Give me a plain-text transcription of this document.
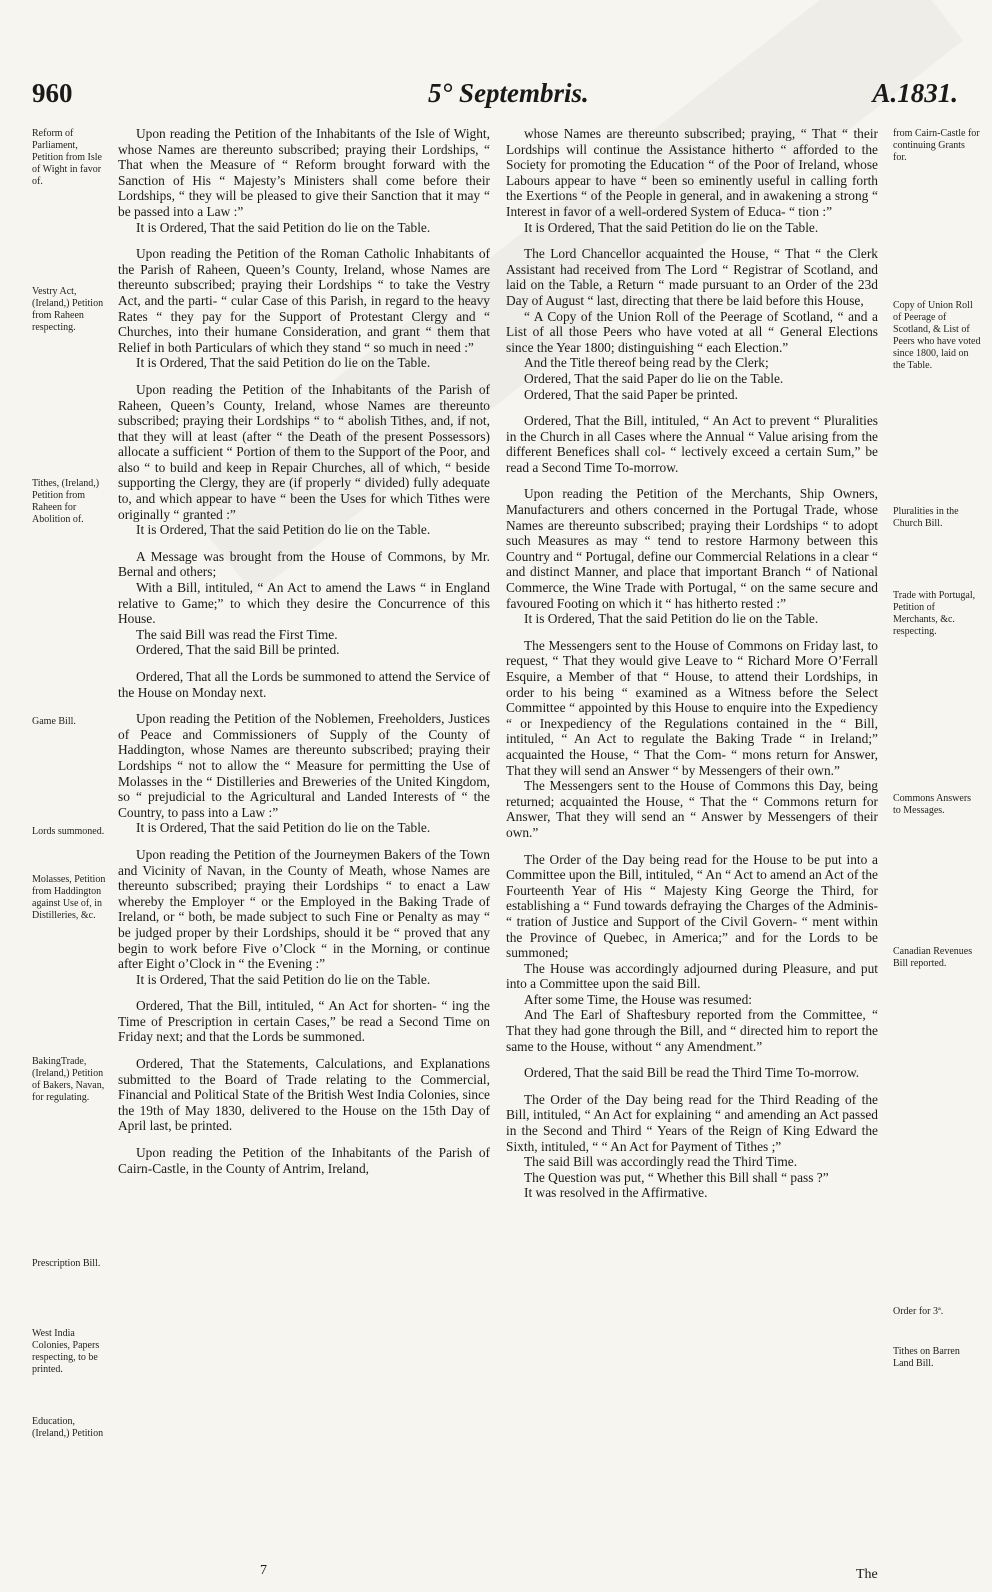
960	5° Septembris.	A.1831.
Reform of Parliament, Petition from Isle of Wight in favor of.
Vestry Act, (Ireland,) Petition from Raheen respecting.
Tithes, (Ireland,) Petition from Raheen for Abolition of.
Game Bill.
Lords summoned.
Molasses, Petition from Haddington against Use of, in Distilleries, &c.
BakingTrade, (Ireland,) Petition of Bakers, Navan, for regulating.
Prescription Bill.
West India Colonies, Papers respecting, to be printed.
Education, (Ireland,) Petition
from Cairn-Castle for continuing Grants for.
Copy of Union Roll of Peerage of Scotland, & List of Peers who have voted since 1800, laid on the Table.
Pluralities in the Church Bill.
Trade with Portugal, Petition of Merchants, &c. respecting.
Commons Answers to Messages.
Canadian Revenues Bill reported.
Order for 3ª.
Tithes on Barren Land Bill.

Upon reading the Petition of the Inhabitants of the Isle of Wight, whose Names are thereunto subscribed; praying their Lordships, “ That when the Measure of “ Reform brought forward with the Sanction of His “ Majesty’s Ministers shall come before their Lordships, “ they will be pleased to give their Sanction that it may “ be passed into a Law :”

It is Ordered, That the said Petition do lie on the Table.

Upon reading the Petition of the Roman Catholic Inhabitants of the Parish of Raheen, Queen’s County, Ireland, whose Names are thereunto subscribed; praying their Lordships “ to take the Vestry Act, and the parti- “ cular Case of this Parish, in regard to the heavy Rates “ they pay for the Support of Protestant Clergy and “ Churches, into their humane Consideration, and grant “ them that Relief in both Particulars of which they stand “ so much in need :”

It is Ordered, That the said Petition do lie on the Table.

Upon reading the Petition of the Inhabitants of the Parish of Raheen, Queen’s County, Ireland, whose Names are thereunto subscribed; praying their Lordships “ to “ abolish Tithes, and, if not, that they will at least (after “ the Death of the present Possessors) allocate a sufficient “ Portion of them to the Support of the Poor, and also “ to build and keep in Repair Churches, all of which, “ beside supporting the Clergy, they are (if properly “ divided) fully adequate to, and which appear to have “ been the Uses for which Tithes were originally “ granted :”

It is Ordered, That the said Petition do lie on the Table.

A Message was brought from the House of Commons, by Mr. Bernal and others;

With a Bill, intituled, “ An Act to amend the Laws “ in England relative to Game;” to which they desire the Concurrence of this House.

The said Bill was read the First Time.

Ordered, That the said Bill be printed.

Ordered, That all the Lords be summoned to attend the Service of the House on Monday next.

Upon reading the Petition of the Noblemen, Freeholders, Justices of Peace and Commissioners of Supply of the County of Haddington, whose Names are thereunto subscribed; praying their Lordships “ not to allow the “ Measure for permitting the Use of Molasses in the “ Distilleries and Breweries of the United Kingdom, so “ prejudicial to the Agricultural and Landed Interests of “ the Country, to pass into a Law :”

It is Ordered, That the said Petition do lie on the Table.

Upon reading the Petition of the Journeymen Bakers of the Town and Vicinity of Navan, in the County of Meath, whose Names are thereunto subscribed; praying their Lordships “ to enact a Law whereby the Employer “ or the Employed in the Baking Trade of Ireland, or “ both, be made subject to such Fine or Penalty as may “ be judged proper by their Lordships, should it be “ proved that any begin to work before Five o’Clock “ in the Morning, or continue after Eight o’Clock in “ the Evening :”

It is Ordered, That the said Petition do lie on the Table.

Ordered, That the Bill, intituled, “ An Act for shorten- “ ing the Time of Prescription in certain Cases,” be read a Second Time on Friday next; and that the Lords be summoned.

Ordered, That the Statements, Calculations, and Explanations submitted to the Board of Trade relating to the Commercial, Financial and Political State of the British West India Colonies, since the 19th of May 1830, delivered to the House on the 15th Day of April last, be printed.

Upon reading the Petition of the Inhabitants of the Parish of Cairn-Castle, in the County of Antrim, Ireland,

whose Names are thereunto subscribed; praying, “ That “ their Lordships will continue the Assistance hitherto “ afforded to the Society for promoting the Education “ of the Poor of Ireland, whose Labours appear to have “ been so eminently useful in calling forth the Exertions “ of the People in general, and in awakening a strong “ Interest in favor of a well-ordered System of Educa- “ tion :”

It is Ordered, That the said Petition do lie on the Table.

The Lord Chancellor acquainted the House, “ That “ the Clerk Assistant had received from The Lord “ Registrar of Scotland, and laid on the Table, a Return “ made pursuant to an Order of the 23d Day of August “ last, directing that there be laid before this House,

“ A Copy of the Union Roll of the Peerage of Scotland, “ and a List of all those Peers who have voted at all “ General Elections since the Year 1800; distinguishing “ each Election.”

And the Title thereof being read by the Clerk;

Ordered, That the said Paper do lie on the Table.

Ordered, That the said Paper be printed.

Ordered, That the Bill, intituled, “ An Act to prevent “ Pluralities in the Church in all Cases where the Annual “ Value arising from the different Benefices shall col- “ lectively exceed a certain Sum,” be read a Second Time To-morrow.

Upon reading the Petition of the Merchants, Ship Owners, Manufacturers and others concerned in the Portugal Trade, whose Names are thereunto subscribed; praying their Lordships “ to adopt such Measures as may “ tend to restore Harmony between this Country and “ Portugal, define our Commercial Relations in a clear “ and distinct Manner, and place that important Branch “ of National Commerce, the Wine Trade with Portugal, “ on the same secure and favoured Footing on which it “ has hitherto rested :”

It is Ordered, That the said Petition do lie on the Table.

The Messengers sent to the House of Commons on Friday last, to request, “ That they would give Leave to “ Richard More O’Ferrall Esquire, a Member of that “ House, to attend their Lordships, in order to his being “ examined as a Witness before the Select Committee “ appointed by this House to enquire into the Expediency “ or Inexpediency of the Regulations contained in the “ Bill, intituled, “ An Act to regulate the Baking Trade “ in Ireland;” acquainted the House, “ That the Com- “ mons return for Answer, That they will send an Answer “ by Messengers of their own.”

The Messengers sent to the House of Commons this Day, being returned; acquainted the House, “ That the “ Commons return for Answer, That they will send an “ Answer by Messengers of their own.”

The Order of the Day being read for the House to be put into a Committee upon the Bill, intituled, “ An “ Act to amend an Act of the Fourteenth Year of His “ Majesty King George the Third, for establishing a “ Fund towards defraying the Charges of the Adminis- “ tration of Justice and Support of the Civil Govern- “ ment within the Province of Quebec, in America;” and for the Lords to be summoned;

The House was accordingly adjourned during Pleasure, and put into a Committee upon the said Bill.

After some Time, the House was resumed:

And The Earl of Shaftesbury reported from the Committee, “ That they had gone through the Bill, and “ directed him to report the same to the House, without “ any Amendment.”

Ordered, That the said Bill be read the Third Time To-morrow.

The Order of the Day being read for the Third Reading of the Bill, intituled, “ An Act for explaining “ and amending an Act passed in the Second and Third “ Years of the Reign of King Edward the Sixth, intituled, “ “ An Act for Payment of Tithes ;”

The said Bill was accordingly read the Third Time.

The Question was put, “ Whether this Bill shall “ pass ?”

It was resolved in the Affirmative.

7	The
